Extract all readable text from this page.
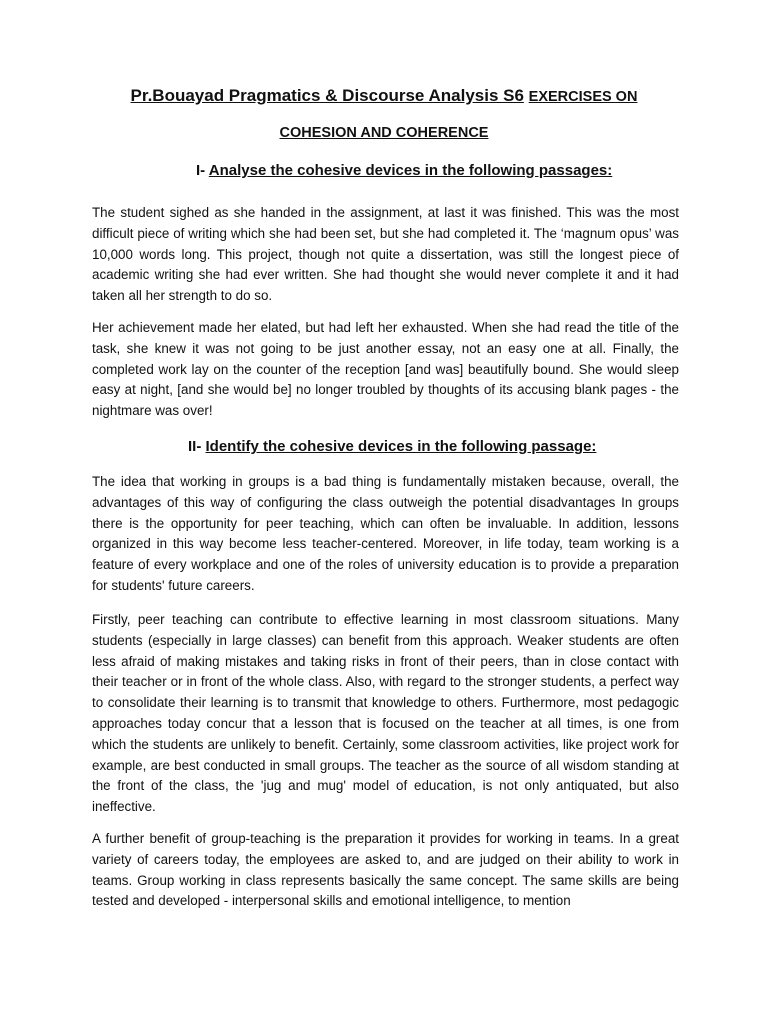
Pr.Bouayad Pragmatics & Discourse Analysis S6 EXERCISES ON
COHESION AND COHERENCE
I- Analyse the cohesive devices in the following passages:

The student sighed as she handed in the assignment, at last it was finished. This was the most difficult piece of writing which she had been set, but she had completed it. The ‘magnum opus’ was 10,000 words long. This project, though not quite a dissertation, was still the longest piece of academic writing she had ever written. She had thought she would never complete it and it had taken all her strength to do so.

Her achievement made her elated, but had left her exhausted. When she had read the title of the task, she knew it was not going to be just another essay, not an easy one at all. Finally, the completed work lay on the counter of the reception [and was] beautifully bound. She would sleep easy at night, [and she would be] no longer troubled by thoughts of its accusing blank pages - the nightmare was over!

II- Identify the cohesive devices in the following passage:

The idea that working in groups is a bad thing is fundamentally mistaken because, overall, the advantages of this way of configuring the class outweigh the potential disadvantages In groups there is the opportunity for peer teaching, which can often be invaluable. In addition, lessons organized in this way become less teacher-centered. Moreover, in life today, team working is a feature of every workplace and one of the roles of university education is to provide a preparation for students' future careers.

Firstly, peer teaching can contribute to effective learning in most classroom situations. Many students (especially in large classes) can benefit from this approach. Weaker students are often less afraid of making mistakes and taking risks in front of their peers, than in close contact with their teacher or in front of the whole class. Also, with regard to the stronger students, a perfect way to consolidate their learning is to transmit that knowledge to others. Furthermore, most pedagogic approaches today concur that a lesson that is focused on the teacher at all times, is one from which the students are unlikely to benefit. Certainly, some classroom activities, like project work for example, are best conducted in small groups. The teacher as the source of all wisdom standing at the front of the class, the 'jug and mug' model of education, is not only antiquated, but also ineffective.

A further benefit of group-teaching is the preparation it provides for working in teams. In a great variety of careers today, the employees are asked to, and are judged on their ability to work in teams. Group working in class represents basically the same concept. The same skills are being tested and developed - interpersonal skills and emotional intelligence, to mention
